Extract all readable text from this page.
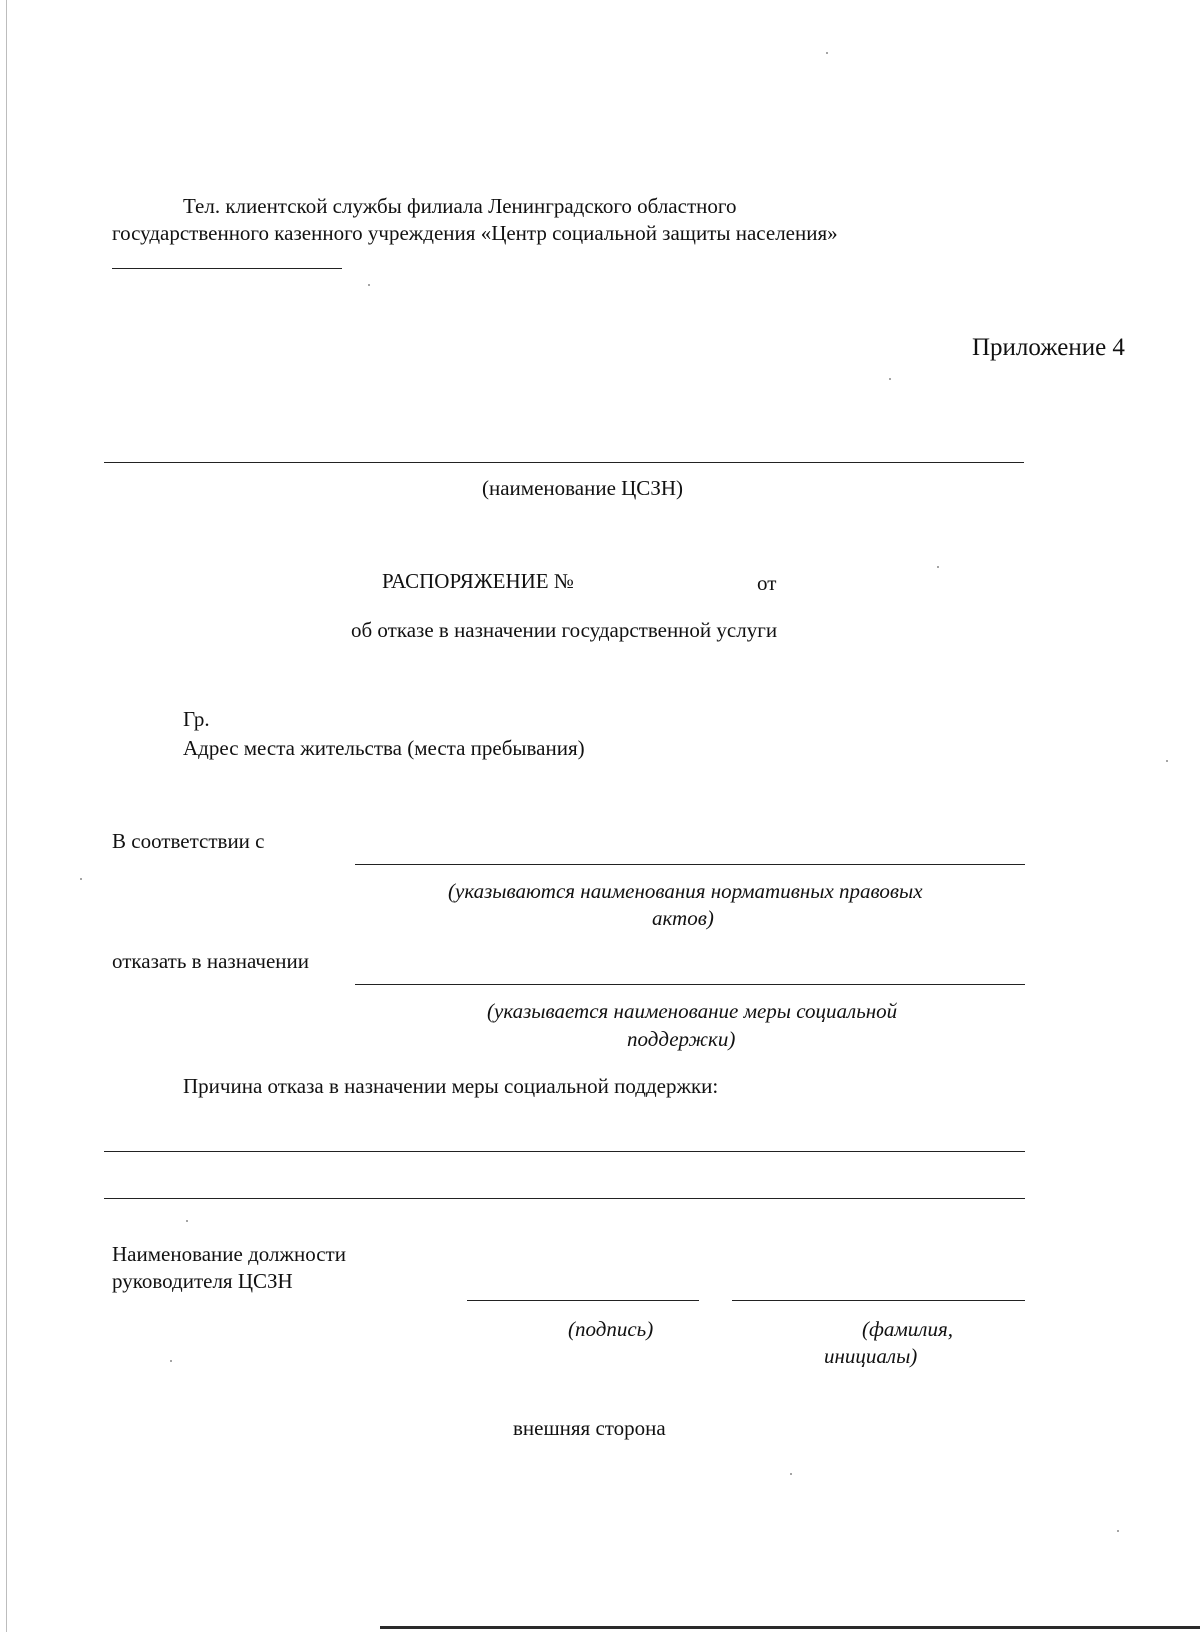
Тел. клиентской службы филиала Ленинградского областного
государственного казенного учреждения «Центр социальной защиты населения»
Приложение 4
(наименование ЦСЗН)
РАСПОРЯЖЕНИЕ №	от
об отказе в назначении государственной услуги
Гр.
Адрес места жительства (места пребывания)
В соответствии с
(указываются наименования нормативных правовых
актов)
отказать в назначении
(указывается наименование меры социальной
поддержки)
Причина отказа в назначении меры социальной поддержки:
Наименование должности
руководителя ЦСЗН
(подпись)	(фамилия,
инициалы)
внешняя сторона
